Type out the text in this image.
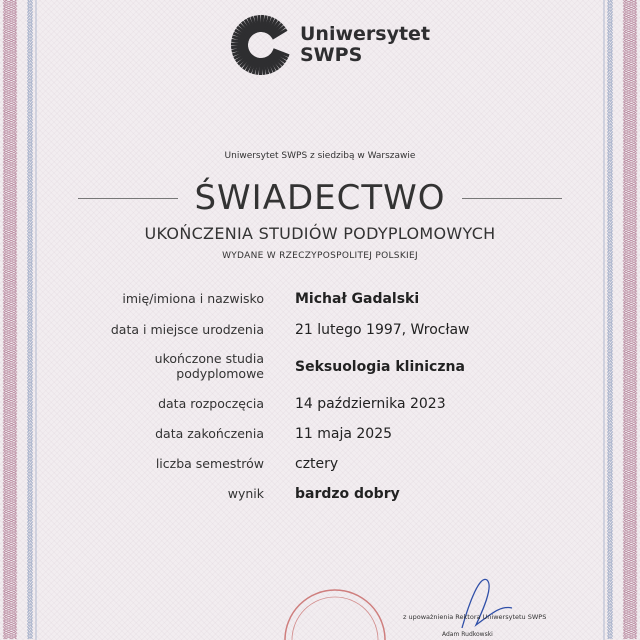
Uniwersytet
SWPS
Uniwersytet SWPS z siedzibą w Warszawie
ŚWIADECTWO
UKOŃCZENIA STUDIÓW PODYPLOMOWYCH
WYDANE W RZECZYPOSPOLITEJ POLSKIEJ
imię/imiona i nazwisko Michał Gadalski
data i miejsce urodzenia 21 lutego 1997, Wrocław
ukończone studia
podyplomowe Seksuologia kliniczna
data rozpoczęcia 14 października 2023
data zakończenia 11 maja 2025
liczba semestrów cztery
wynik bardzo dobry
z upoważnienia Rektora Uniwersytetu SWPS
Adam Rudkowski
